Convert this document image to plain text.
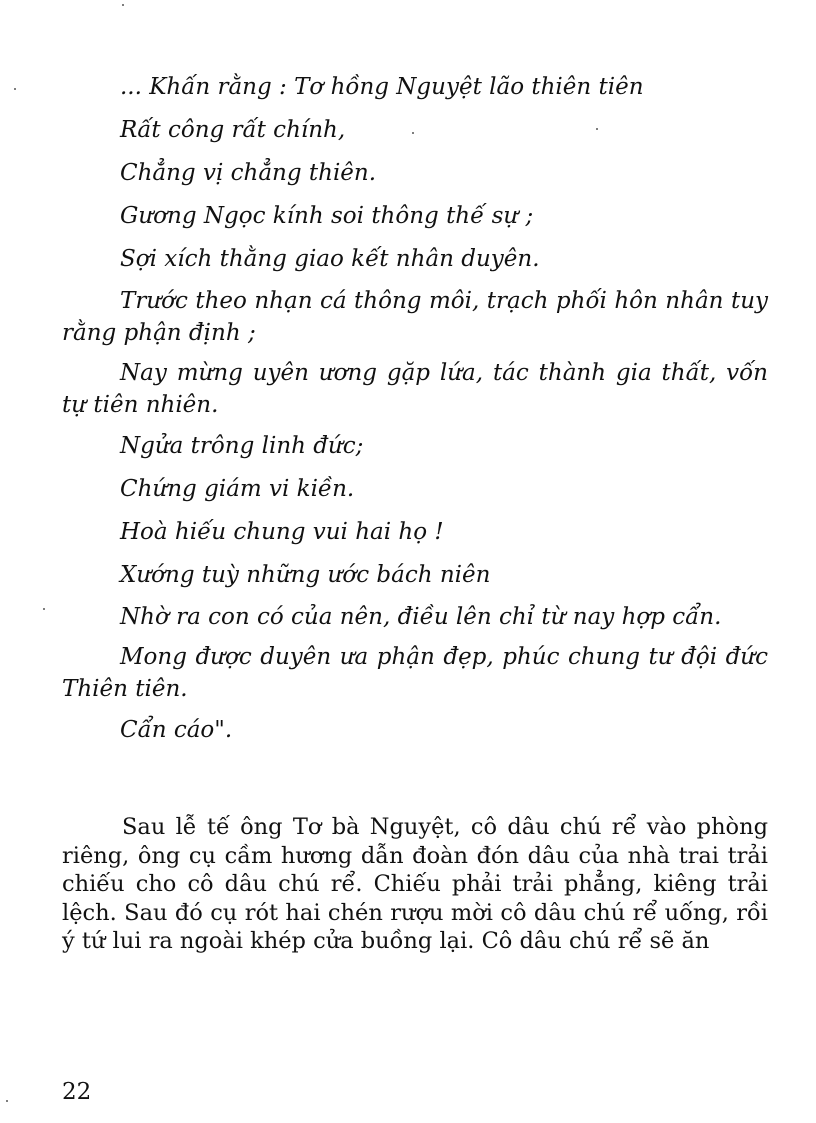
... Khấn rằng : Tơ hồng Nguyệt lão thiên tiên
Rất công rất chính,
Chẳng vị chẳng thiên.
Gương Ngọc kính soi thông thế sự ;
Sợi xích thằng giao kết nhân duyên.
Trước theo nhạn cá thông môi, trạch phối hôn nhân tuy rằng phận định ;
Nay mừng uyên ương gặp lứa, tác thành gia thất, vốn tự tiên nhiên.
Ngửa trông linh đức;
Chứng giám vi kiền.
Hoà hiếu chung vui hai họ !
Xướng tuỳ những ước bách niên
Nhờ ra con có của nên, điều lên chỉ từ nay hợp cẩn.
Mong được duyên ưa phận đẹp, phúc chung tư đội đức Thiên tiên.
Cẩn cáo".

Sau lễ tế ông Tơ bà Nguyệt, cô dâu chú rể vào phòng riêng, ông cụ cầm hương dẫn đoàn đón dâu của nhà trai trải chiếu cho cô dâu chú rể. Chiếu phải trải phẳng, kiêng trải lệch. Sau đó cụ rót hai chén rượu mời cô dâu chú rể uống, rồi ý tứ lui ra ngoài khép cửa buồng lại. Cô dâu chú rể sẽ ăn

22
